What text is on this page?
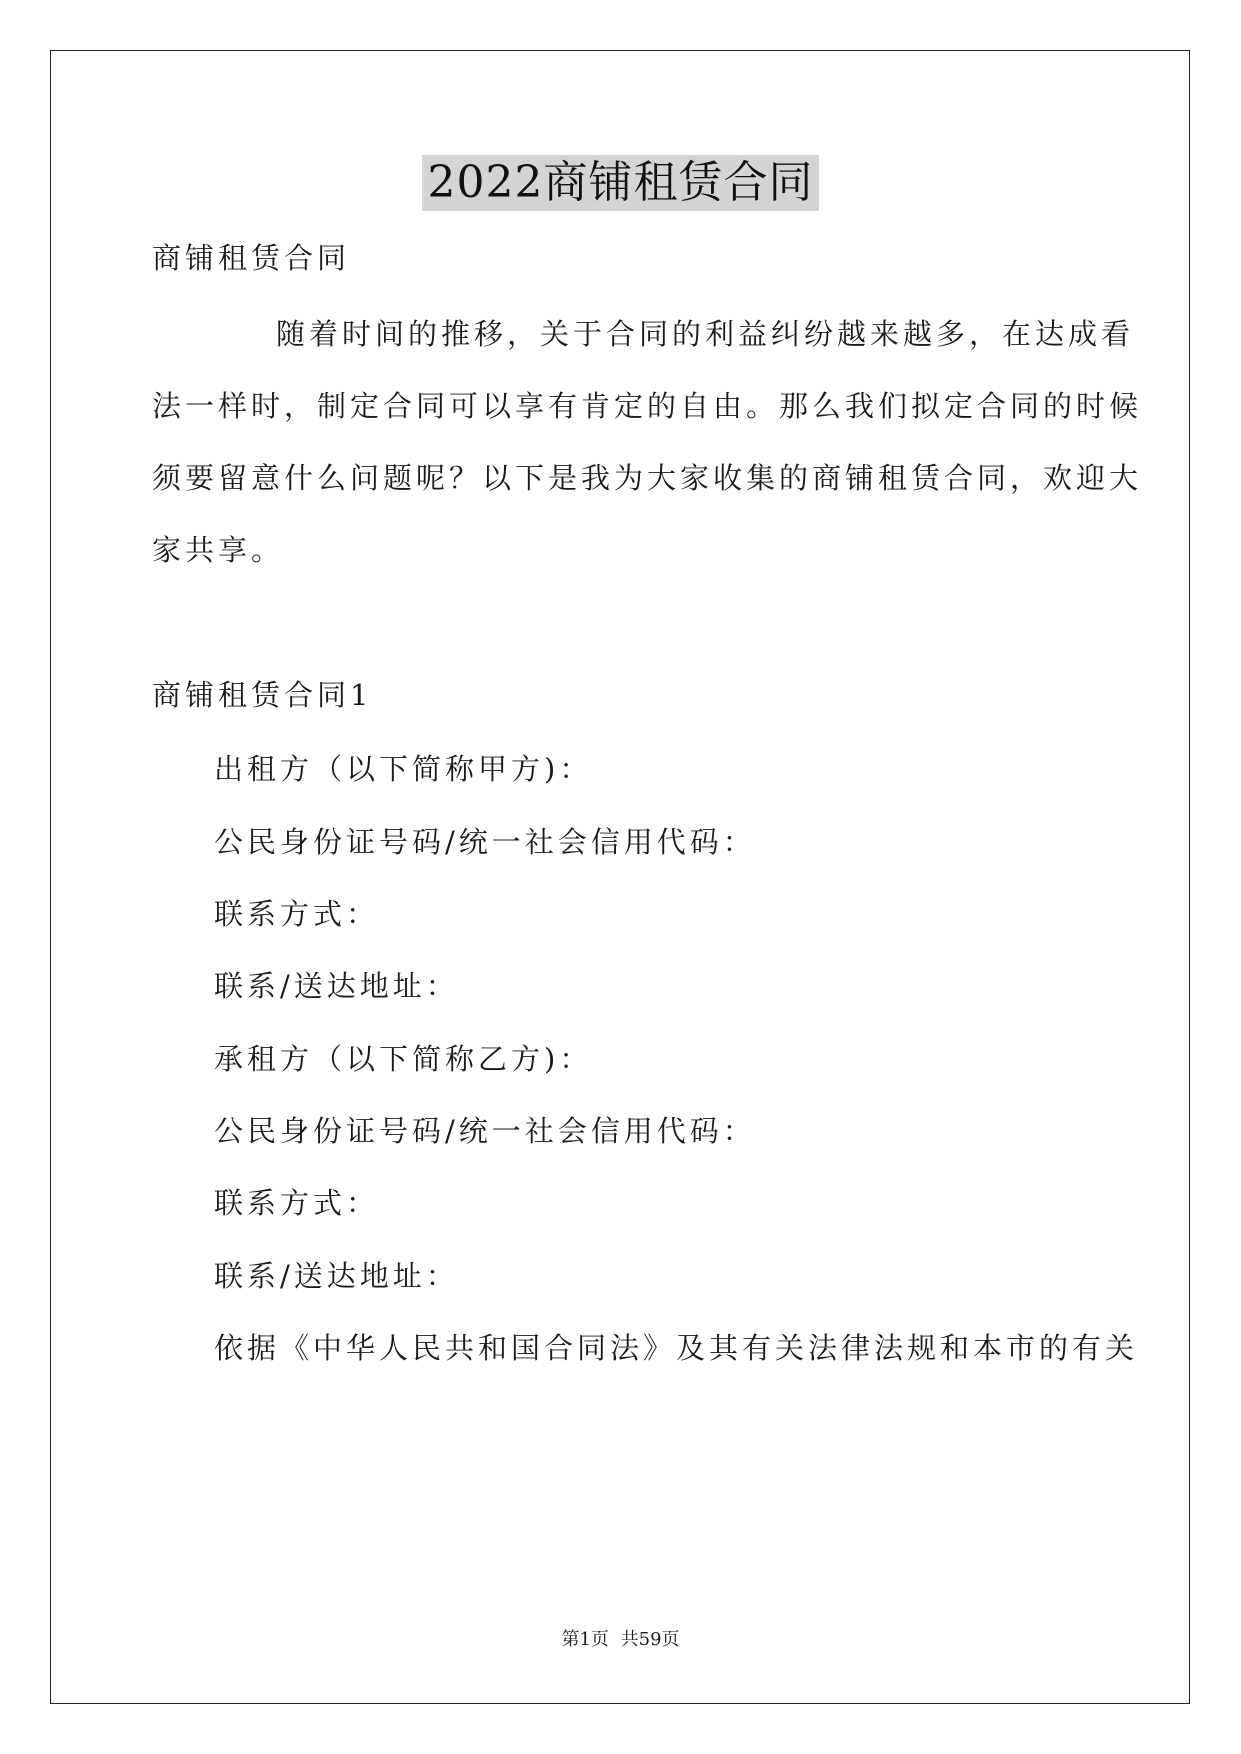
2022商铺租赁合同
商铺租赁合同
随着时间的推移，关于合同的利益纠纷越来越多，在达成看
法一样时，制定合同可以享有肯定的自由。那么我们拟定合同的时候
须要留意什么问题呢？以下是我为大家收集的商铺租赁合同，欢迎大
家共享。
商铺租赁合同1
出租方（以下简称甲方)：
公民身份证号码/统一社会信用代码：
联系方式：
联系/送达地址：
承租方（以下简称乙方)：
公民身份证号码/统一社会信用代码：
联系方式：
联系/送达地址：
依据《中华人民共和国合同法》及其有关法律法规和本市的有关
第1页 共59页
